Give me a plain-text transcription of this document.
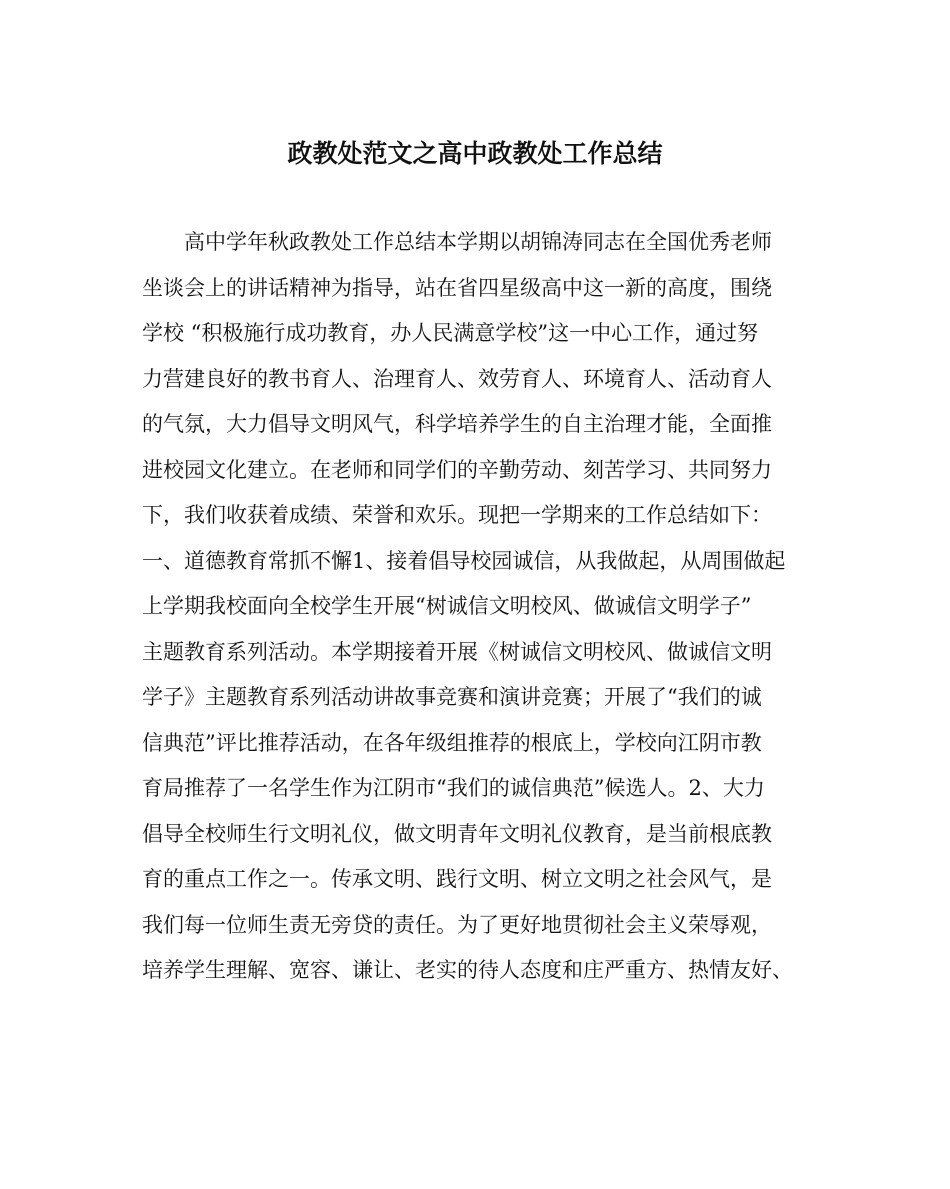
政教处范文之高中政教处工作总结
　　高中学年秋政教处工作总结本学期以胡锦涛同志在全国优秀老师
坐谈会上的讲话精神为指导，站在省四星级高中这一新的高度，围绕
学校 “积极施行成功教育，办人民满意学校”这一中心工作，通过努
力营建良好的教书育人、治理育人、效劳育人、环境育人、活动育人
的气氛，大力倡导文明风气，科学培养学生的自主治理才能，全面推
进校园文化建立。在老师和同学们的辛勤劳动、刻苦学习、共同努力
下，我们收获着成绩、荣誉和欢乐。现把一学期来的工作总结如下：
一、道德教育常抓不懈1、接着倡导校园诚信，从我做起，从周围做起
上学期我校面向全校学生开展“树诚信文明校风、做诚信文明学子”
主题教育系列活动。本学期接着开展《树诚信文明校风、做诚信文明
学子》主题教育系列活动讲故事竞赛和演讲竞赛；开展了“我们的诚
信典范”评比推荐活动，在各年级组推荐的根底上，学校向江阴市教
育局推荐了一名学生作为江阴市“我们的诚信典范”候选人。2、大力
倡导全校师生行文明礼仪，做文明青年文明礼仪教育，是当前根底教
育的重点工作之一。传承文明、践行文明、树立文明之社会风气，是
我们每一位师生责无旁贷的责任。为了更好地贯彻社会主义荣辱观，
培养学生理解、宽容、谦让、老实的待人态度和庄严重方、热情友好、
